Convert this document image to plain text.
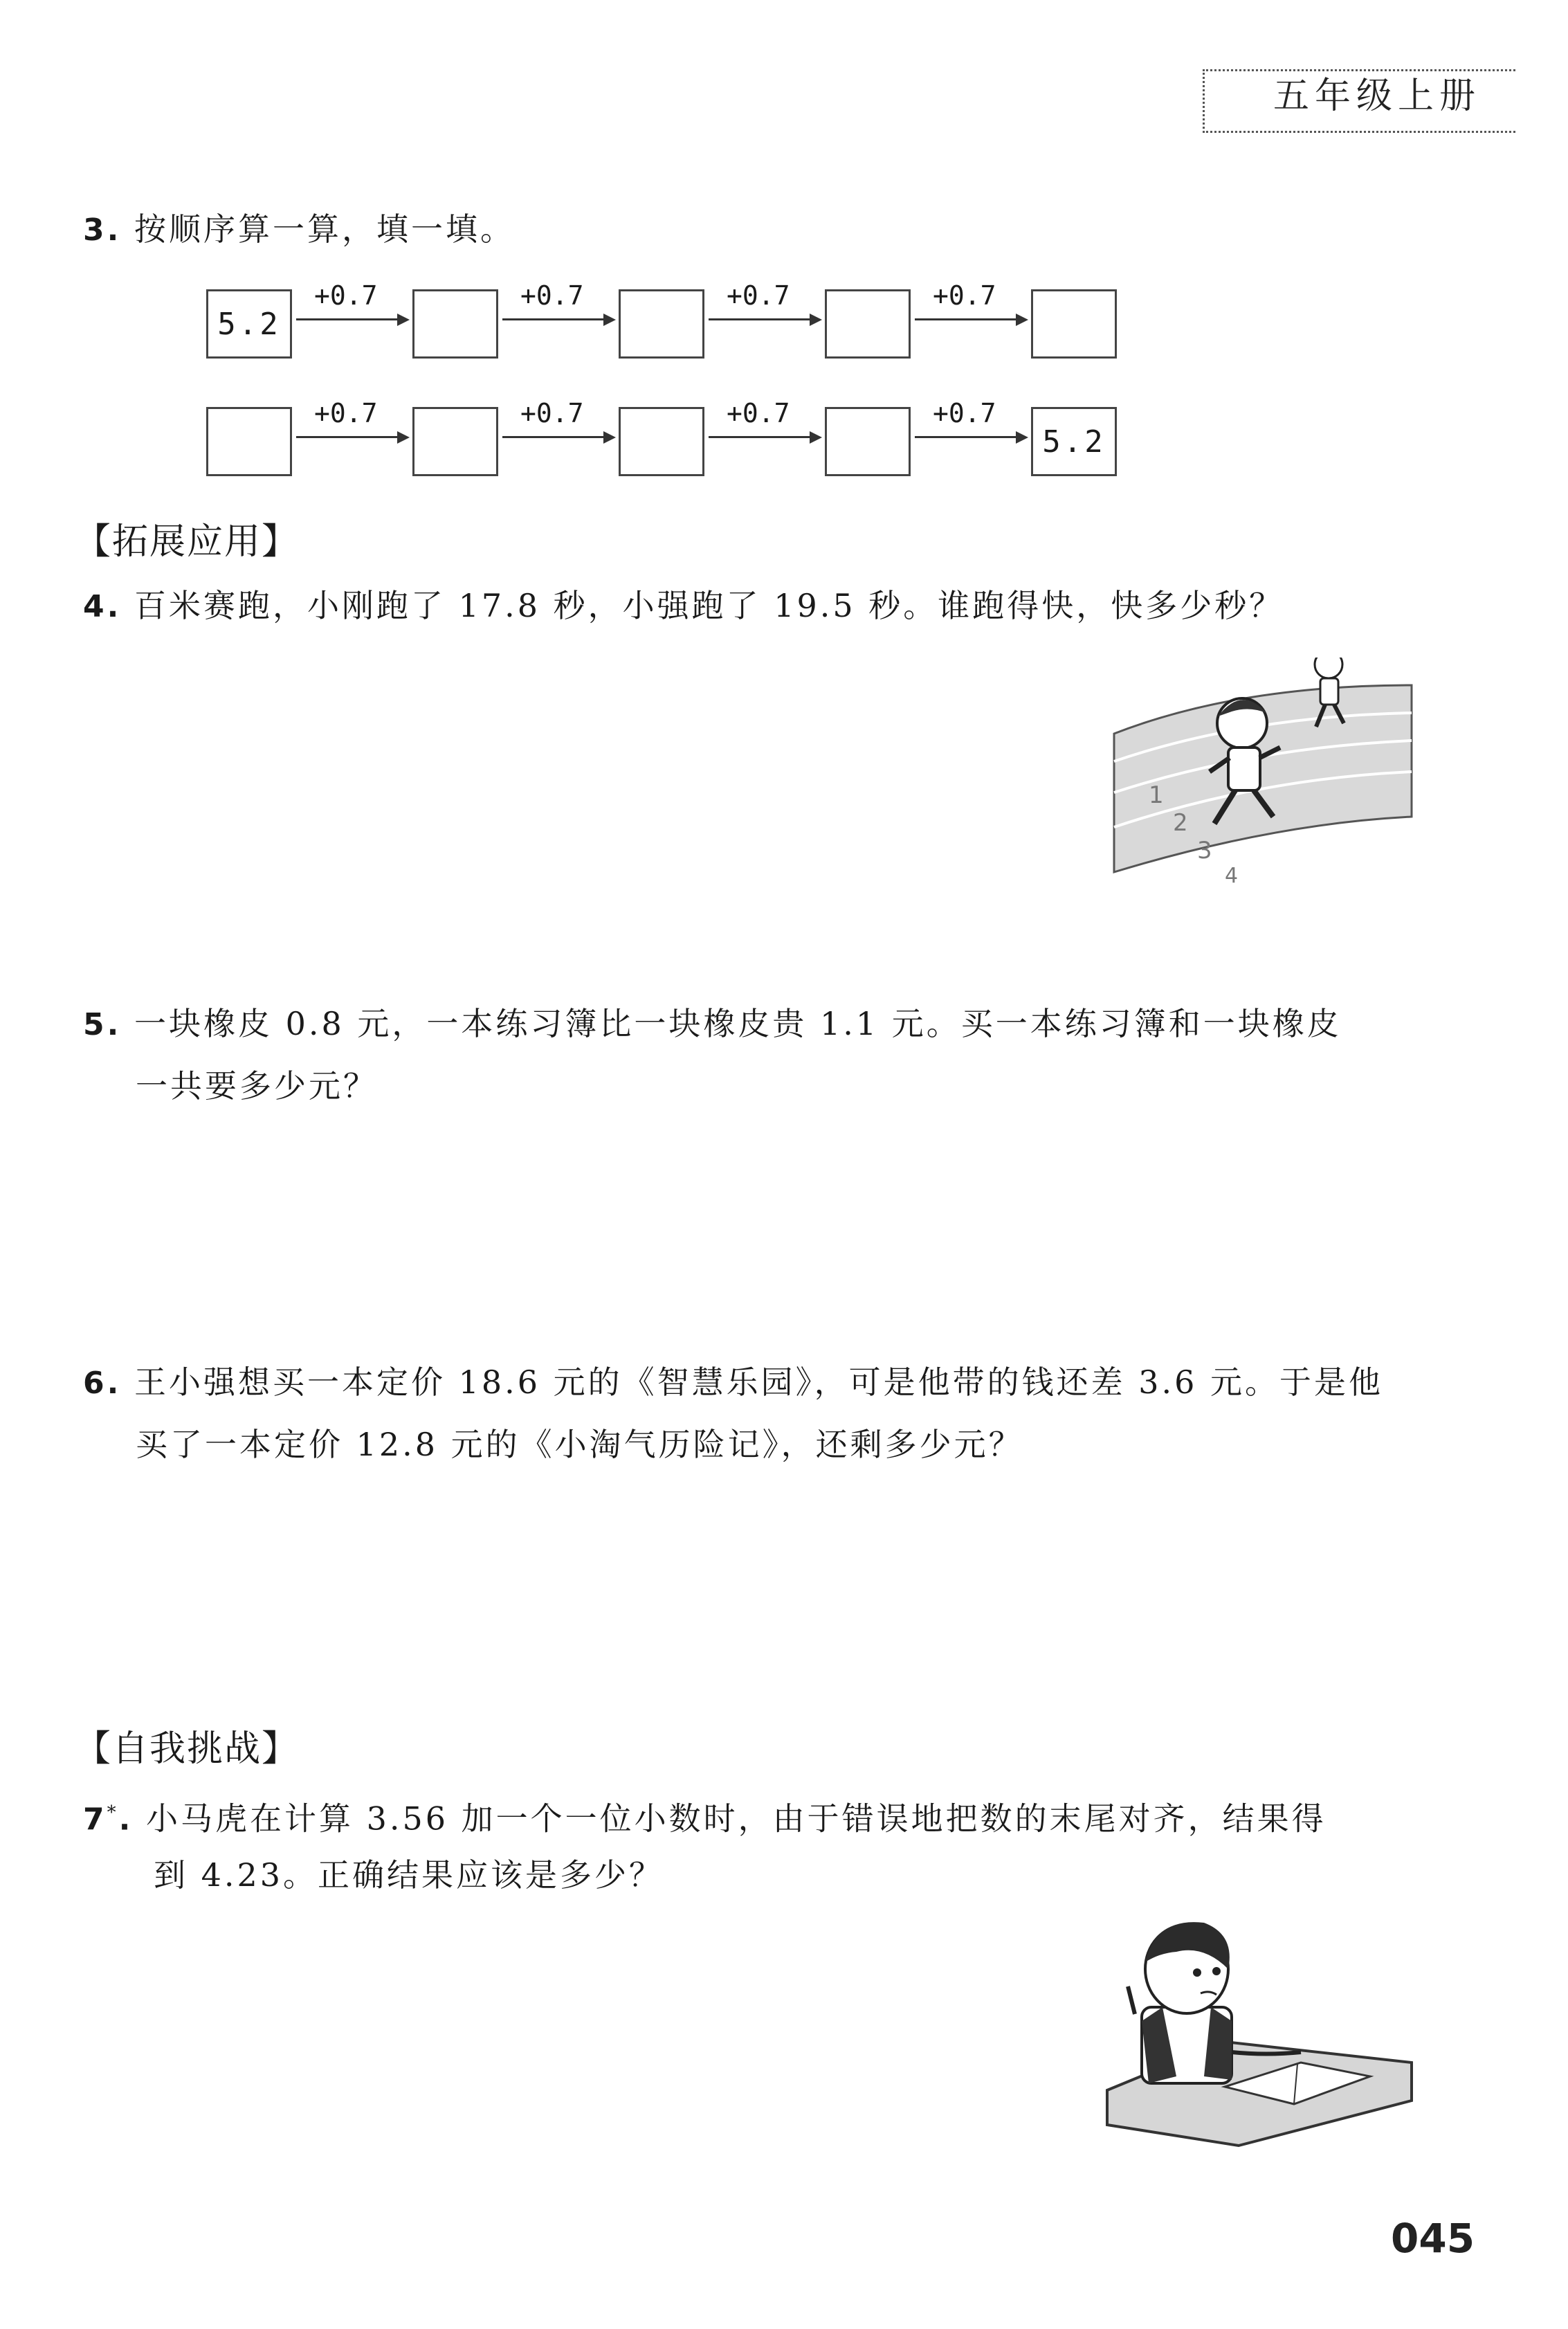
五年级上册
3. 按顺序算一算，填一填。
5.2
+0.7	+0.7	+0.7	+0.7
+0.7	+0.7	+0.7	+0.7
5.2
【拓展应用】
4. 百米赛跑，小刚跑了 17.8 秒，小强跑了 19.5 秒。谁跑得快，快多少秒？
1
2
3
4
5. 一块橡皮 0.8 元，一本练习簿比一块橡皮贵 1.1 元。买一本练习簿和一块橡皮
一共要多少元？
6. 王小强想买一本定价 18.6 元的《智慧乐园》，可是他带的钱还差 3.6 元。于是他
买了一本定价 12.8 元的《小淘气历险记》，还剩多少元？
【自我挑战】
7*. 小马虎在计算 3.56 加一个一位小数时，由于错误地把数的末尾对齐，结果得
到 4.23。正确结果应该是多少？
045
